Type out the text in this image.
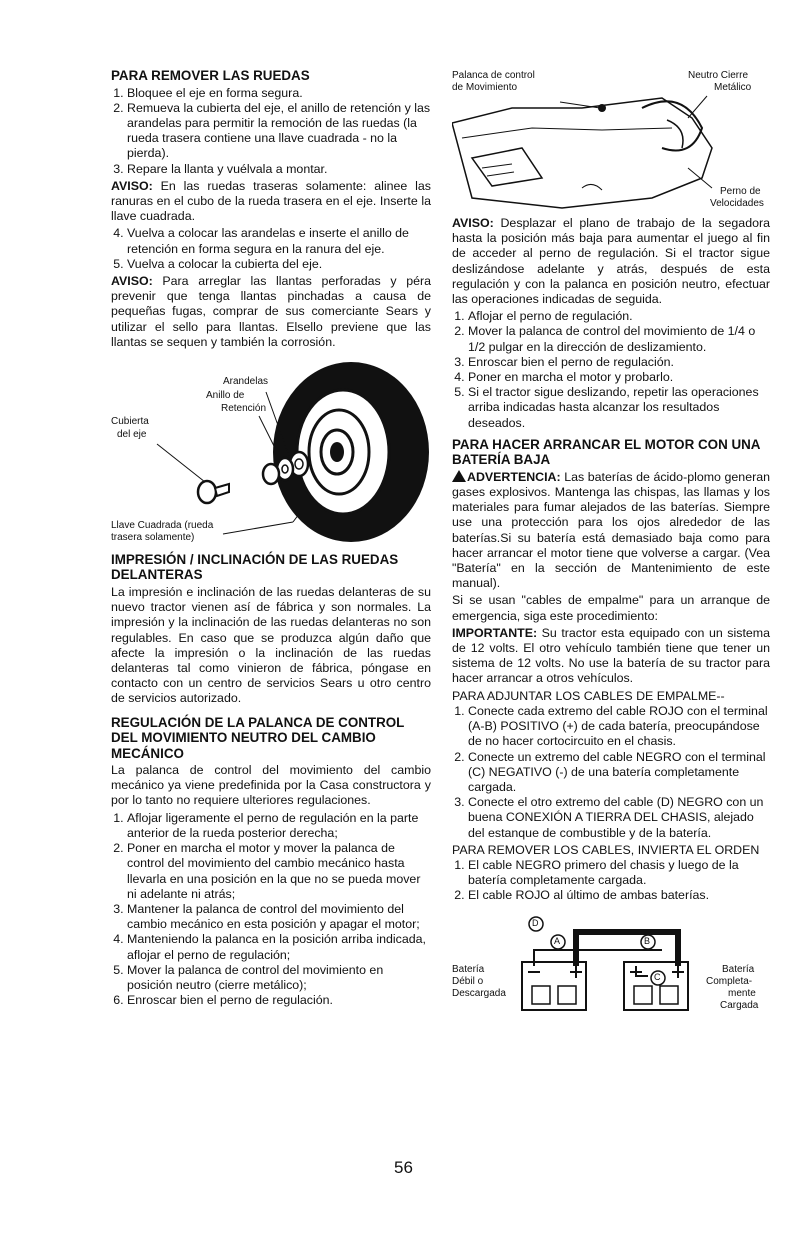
PARA REMOVER LAS RUEDAS
1. Bloquee el eje en forma segura.
2. Remueva la cubierta del eje, el anillo de retención y las arandelas para permitir la remoción de las ruedas (la rueda trasera contiene una llave cuadrada - no la pierda).
3. Repare la llanta y vuélvala a montar.

AVISO: En las ruedas traseras solamente: alinee las ranuras en el cubo de la rueda trasera en el eje. Inserte la llave cuadrada.

4. Vuelva a colocar las arandelas e inserte el anillo de retención en forma segura en la ranura del eje.
5. Vuelva a colocar la cubierta del eje.

AVISO: Para arreglar las llantas perforadas y péra prevenir que tenga llantas pinchadas a causa de pequeñas fugas, comprar de sus comerciante Sears y utilizar el sello para llantas. Elsello previene que las llantas se sequen y también la corrosión.

Arandelas
Anillo de
Retención
Cubierta
del eje
Llave Cuadrada (rueda
trasera solamente)
IMPRESIÓN / INCLINACIÓN DE LAS RUEDAS DELANTERAS

La impresión e inclinación de las ruedas delanteras de su nuevo tractor vienen así de fábrica y son normales. La impresión y la inclinación de las ruedas delanteras no son regulables. En caso que se produzca algún daño que afecte la impresión o la inclinación de las ruedas delanteras tal como vinieron de fábrica, póngase en contacto con un centro de servicios Sears u otro centro de servicios autorizado.

REGULACIÓN DE LA PALANCA DE CONTROL DEL MOVIMIENTO NEUTRO DEL CAMBIO MECÁNICO

La palanca de control del movimiento del cambio mecánico ya viene predefinida por la Casa constructora y por lo tanto no requiere ulteriores regulaciones.

1. Aflojar ligeramente el perno de regulación en la parte anterior de la rueda posterior derecha;
2. Poner en marcha el motor y mover la palanca de control del movimiento del cambio mecánico hasta llevarla en una posición en la que no se pueda mover ni adelante ni atrás;
3. Mantener la palanca de control del movimiento del cambio mecánico en esta posición y apagar el motor;
4. Manteniendo la palanca en la posición arriba indicada, aflojar el perno de regulación;
5. Mover la palanca de control del movimiento en posición neutro (cierre metálico);
6. Enroscar bien el perno de regulación.
Palanca de control
de Movimiento
Neutro Cierre
Metálico
Perno de
Velocidades

AVISO: Desplazar el plano de trabajo de la segadora hasta la posición más baja para aumentar el juego al fin de acceder al perno de regulación. Si el tractor sigue deslizándose adelante y atrás, después de esta regulación y con la palanca en posición neutro, efectuar las operaciones indicadas de seguida.

1. Aflojar el perno de regulación.
2. Mover la palanca de control del movimiento de 1/4 o 1/2 pulgar en la dirección de deslizamiento.
3. Enroscar bien el perno de regulación.
4. Poner en marcha el motor y probarlo.
5. Si el tractor sigue deslizando, repetir las operaciones arriba indicadas hasta alcanzar los resultados deseados.
PARA HACER ARRANCAR EL MOTOR CON UNA BATERÍA BAJA

ADVERTENCIA: Las baterías de ácido-plomo generan gases explosivos. Mantenga las chispas, las llamas y los materiales para fumar alejados de las baterías. Siempre use una protección para los ojos alrededor de las baterías.Si su batería está demasiado baja como para hacer arrancar el motor tiene que volverse a cargar. (Vea "Batería" en la sección de Mantenimiento de este manual).

Si se usan "cables de empalme" para un arranque de emergencia, siga este procedimiento:

IMPORTANTE: Su tractor esta equipado con un sistema de 12 volts. El otro vehículo también tiene que tener un sistema de 12 volts. No use la batería de su tractor para hacer arrancar a otros vehículos.

PARA ADJUNTAR LOS CABLES DE EMPALME--

1. Conecte cada extremo del cable ROJO con el terminal (A-B) POSITIVO (+) de cada batería, preocupándose de no hacer cortocircuito en el chasis.
2. Conecte un extremo del cable NEGRO con el terminal (C) NEGATIVO (-) de una batería completamente cargada.
3. Conecte el otro extremo del cable (D) NEGRO con un buena CONEXIÓN A TIERRA DEL CHASIS, alejado del estanque de combustible y de la batería.

PARA REMOVER LOS CABLES, INVIERTA EL ORDEN

1. El cable NEGRO primero del chasis y luego de la batería completamente cargada.
2. El cable ROJO al último de ambas baterías.
D
A	B
C
Batería
Débil o
Descargada
Batería
Completa-
mente
Cargada
56
